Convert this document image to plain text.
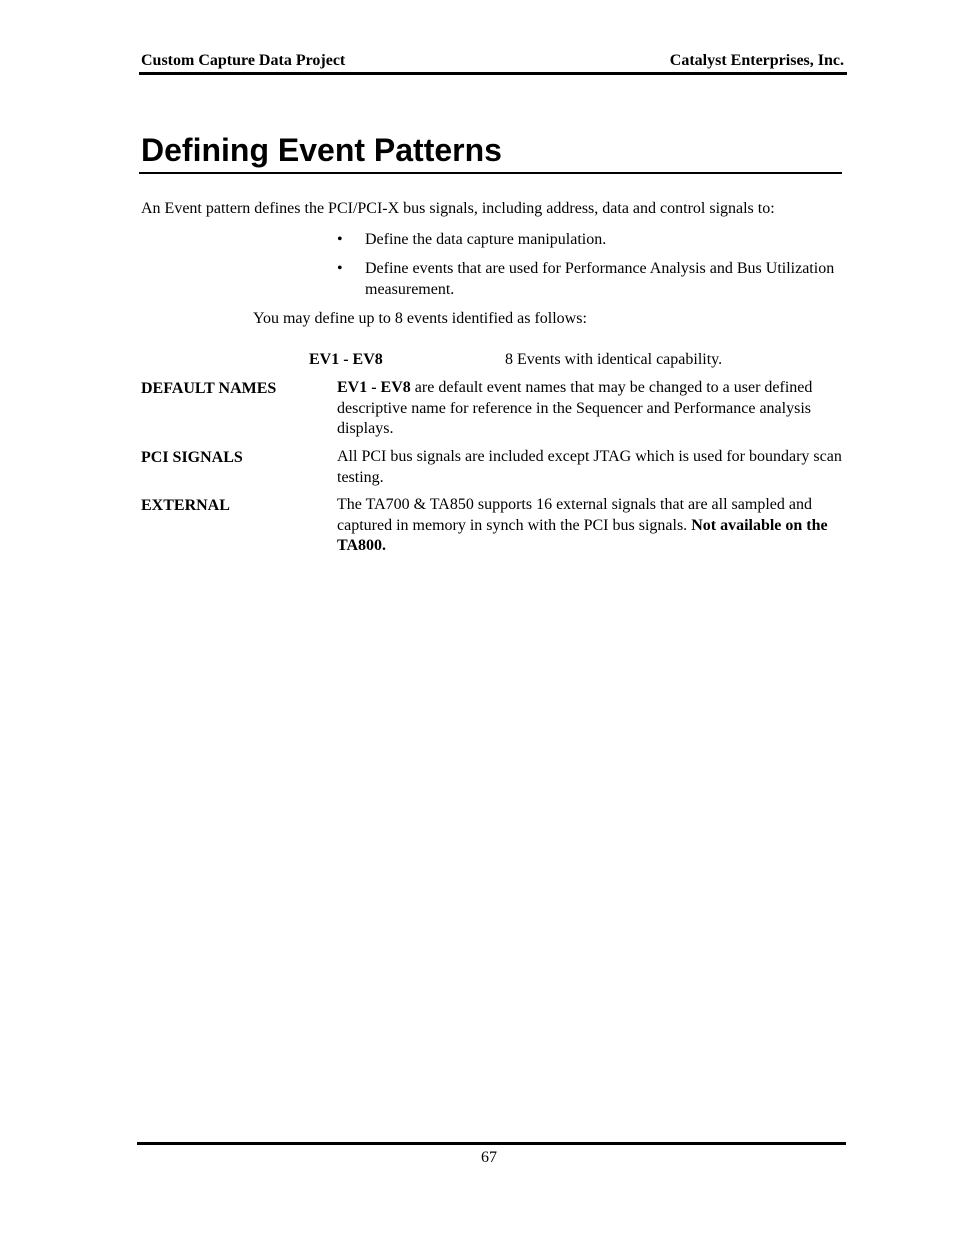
Custom Capture Data Project	Catalyst Enterprises, Inc.
Defining Event Patterns
An Event pattern defines the PCI/PCI-X bus signals, including address, data and control signals to:
• Define the data capture manipulation.
• Define events that are used for Performance Analysis and Bus Utilization measurement.
You may define up to 8 events identified as follows:
EV1 - EV8	8 Events with identical capability.
DEFAULT NAMES	EV1 - EV8 are default event names that may be changed to a user defined descriptive name for reference in the Sequencer and Performance analysis displays.
PCI SIGNALS	All PCI bus signals are included except JTAG which is used for boundary scan testing.
EXTERNAL	The TA700 & TA850 supports 16 external signals that are all sampled and captured in memory in synch with the PCI bus signals. Not available on the TA800.
67
